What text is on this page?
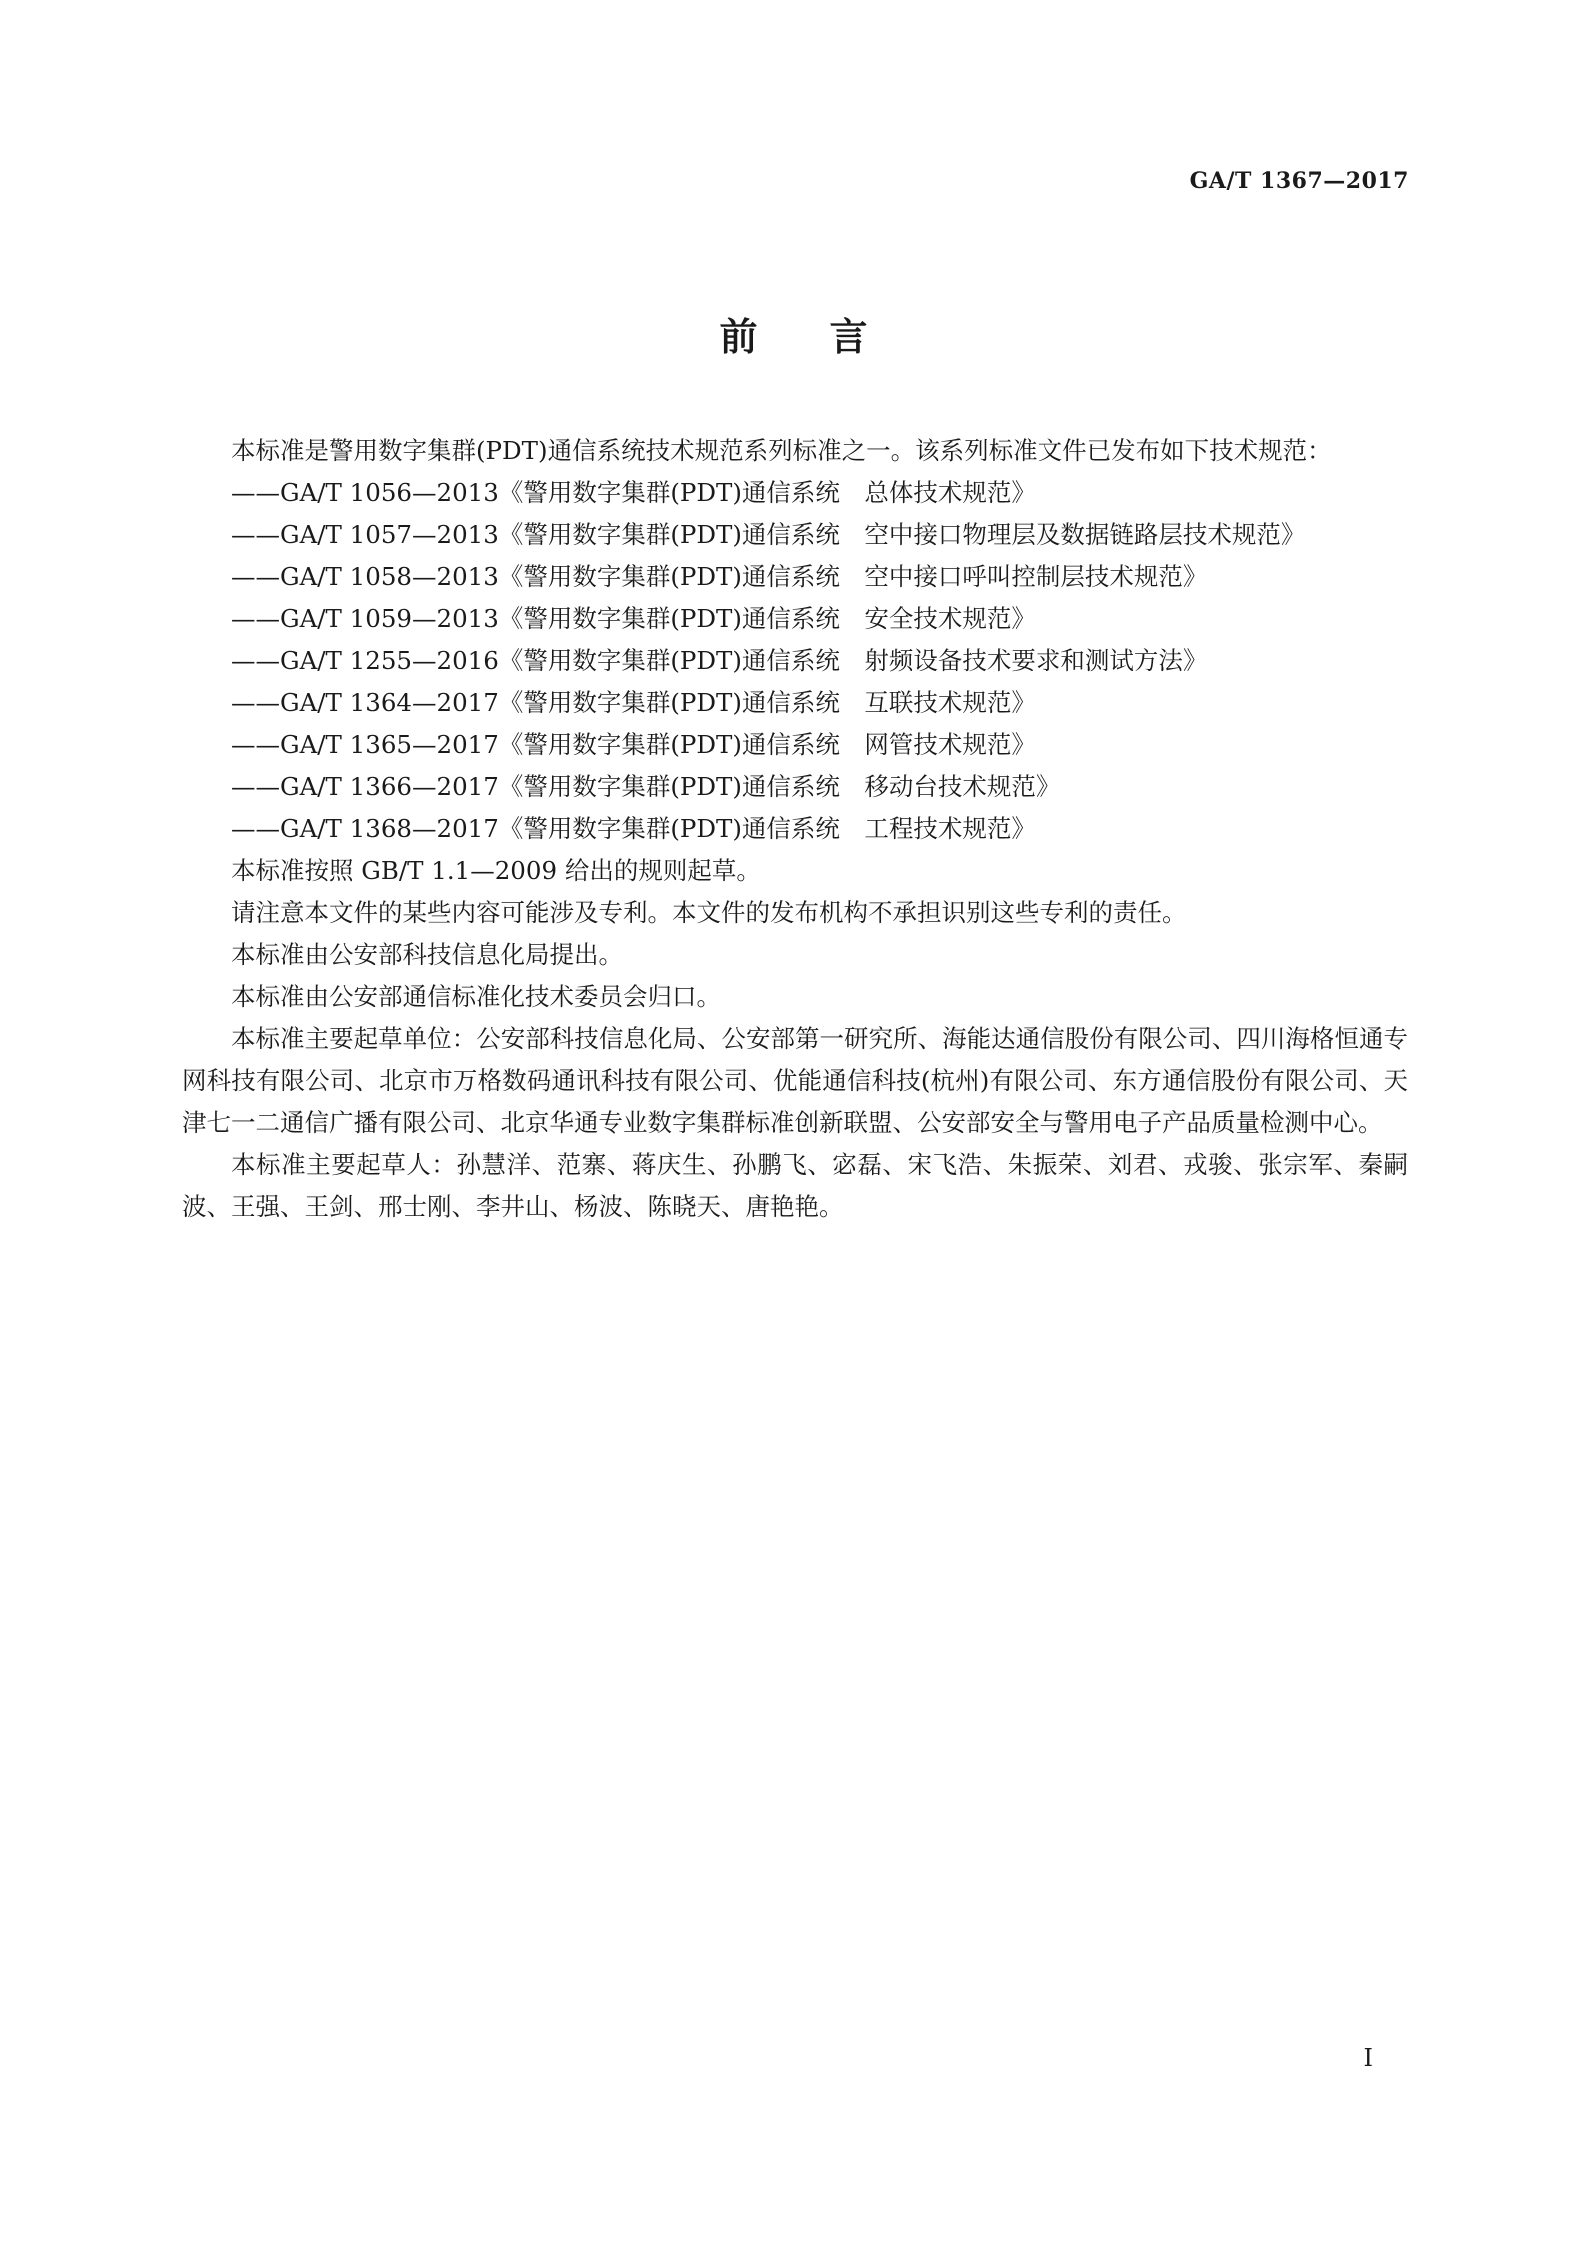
GA/T 1367—2017
前言

本标准是警用数字集群(PDT)通信系统技术规范系列标准之一。该系列标准文件已发布如下技术规范：

——GA/T 1056—2013《警用数字集群(PDT)通信系统　总体技术规范》
——GA/T 1057—2013《警用数字集群(PDT)通信系统　空中接口物理层及数据链路层技术规范》
——GA/T 1058—2013《警用数字集群(PDT)通信系统　空中接口呼叫控制层技术规范》
——GA/T 1059—2013《警用数字集群(PDT)通信系统　安全技术规范》
——GA/T 1255—2016《警用数字集群(PDT)通信系统　射频设备技术要求和测试方法》
——GA/T 1364—2017《警用数字集群(PDT)通信系统　互联技术规范》
——GA/T 1365—2017《警用数字集群(PDT)通信系统　网管技术规范》
——GA/T 1366—2017《警用数字集群(PDT)通信系统　移动台技术规范》
——GA/T 1368—2017《警用数字集群(PDT)通信系统　工程技术规范》

本标准按照 GB/T 1.1—2009 给出的规则起草。

请注意本文件的某些内容可能涉及专利。本文件的发布机构不承担识别这些专利的责任。

本标准由公安部科技信息化局提出。

本标准由公安部通信标准化技术委员会归口。

本标准主要起草单位：公安部科技信息化局、公安部第一研究所、海能达通信股份有限公司、四川海格恒通专网科技有限公司、北京市万格数码通讯科技有限公司、优能通信科技(杭州)有限公司、东方通信股份有限公司、天津七一二通信广播有限公司、北京华通专业数字集群标准创新联盟、公安部安全与警用电子产品质量检测中心。

本标准主要起草人：孙慧洋、范寨、蒋庆生、孙鹏飞、宓磊、宋飞浩、朱振荣、刘君、戎骏、张宗军、秦嗣波、王强、王剑、邢士刚、李井山、杨波、陈晓天、唐艳艳。

I
